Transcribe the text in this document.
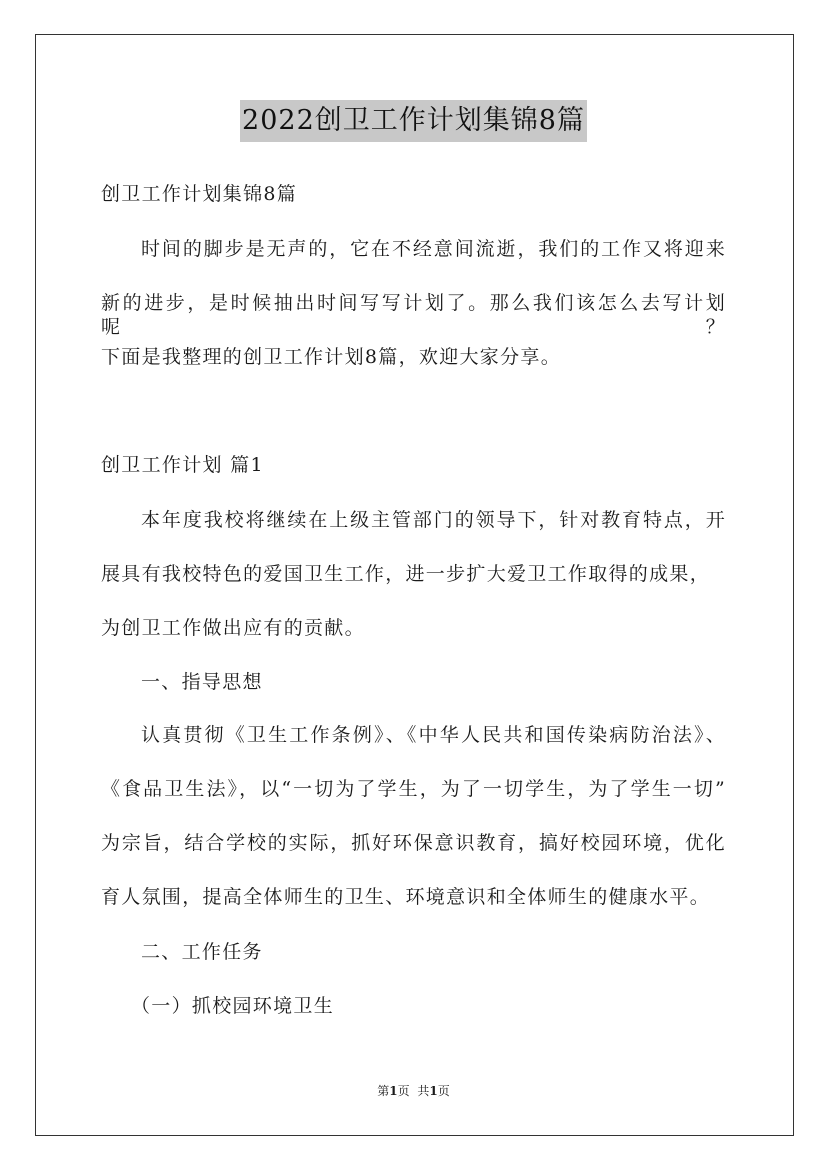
2022创卫工作计划集锦8篇
创卫工作计划集锦8篇
时间的脚步是无声的，它在不经意间流逝，我们的工作又将迎来
新的进步，是时候抽出时间写写计划了。那么我们该怎么去写计划呢？
下面是我整理的创卫工作计划8篇，欢迎大家分享。
创卫工作计划 篇1
本年度我校将继续在上级主管部门的领导下，针对教育特点，开
展具有我校特色的爱国卫生工作，进一步扩大爱卫工作取得的成果，
为创卫工作做出应有的贡献。
一、指导思想
认真贯彻《卫生工作条例》、《中华人民共和国传染病防治法》、
《食品卫生法》，以“一切为了学生，为了一切学生，为了学生一切”
为宗旨，结合学校的实际，抓好环保意识教育，搞好校园环境，优化
育人氛围，提高全体师生的卫生、环境意识和全体师生的健康水平。
二、工作任务
（一）抓校园环境卫生
第1页 共1页
